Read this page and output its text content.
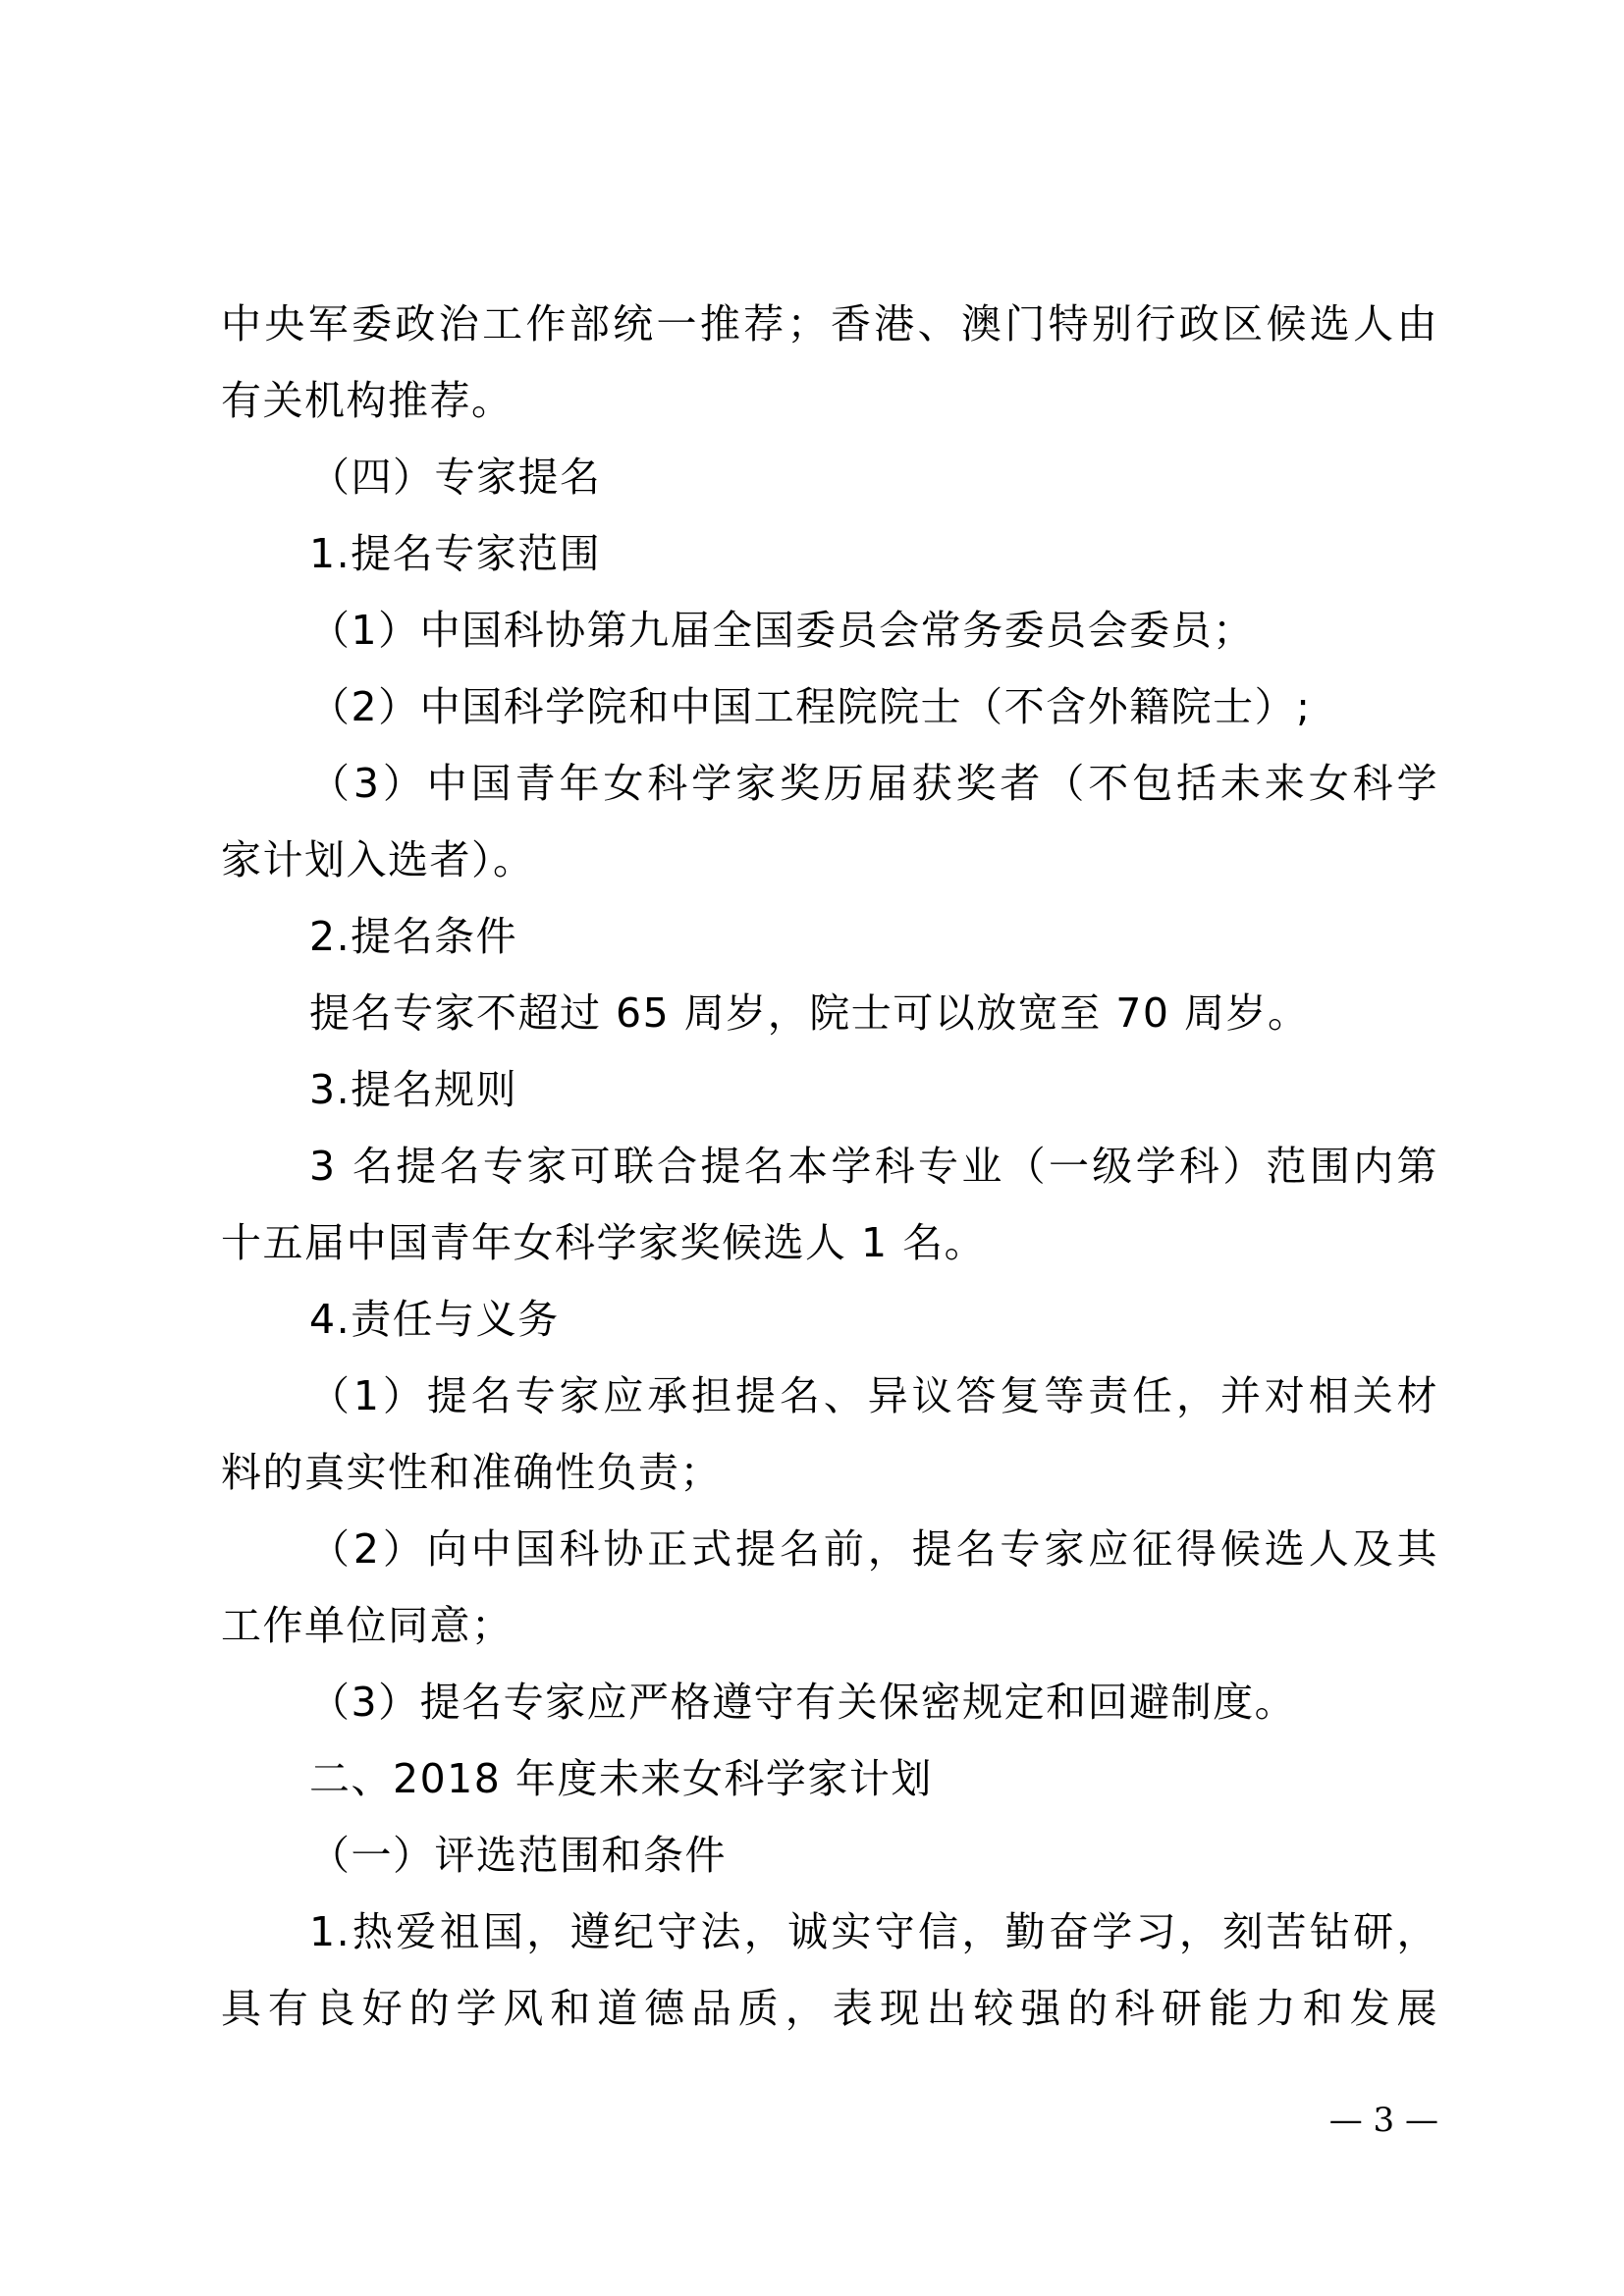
中央军委政治工作部统一推荐；香港、澳门特别行政区候选人由
有关机构推荐。
（四）专家提名
1.提名专家范围
（1）中国科协第九届全国委员会常务委员会委员；
（2）中国科学院和中国工程院院士（不含外籍院士）;
（3）中国青年女科学家奖历届获奖者（不包括未来女科学
家计划入选者）。
2.提名条件
提名专家不超过 65 周岁，院士可以放宽至 70 周岁。
3.提名规则
3 名提名专家可联合提名本学科专业（一级学科）范围内第
十五届中国青年女科学家奖候选人 1 名。
4.责任与义务
（1）提名专家应承担提名、异议答复等责任，并对相关材
料的真实性和准确性负责；
（2）向中国科协正式提名前，提名专家应征得候选人及其
工作单位同意；
（3）提名专家应严格遵守有关保密规定和回避制度。
二、2018 年度未来女科学家计划
（一）评选范围和条件
1.热爱祖国，遵纪守法，诚实守信，勤奋学习，刻苦钻研，
具有良好的学风和道德品质，表现出较强的科研能力和发展
— 3 —
